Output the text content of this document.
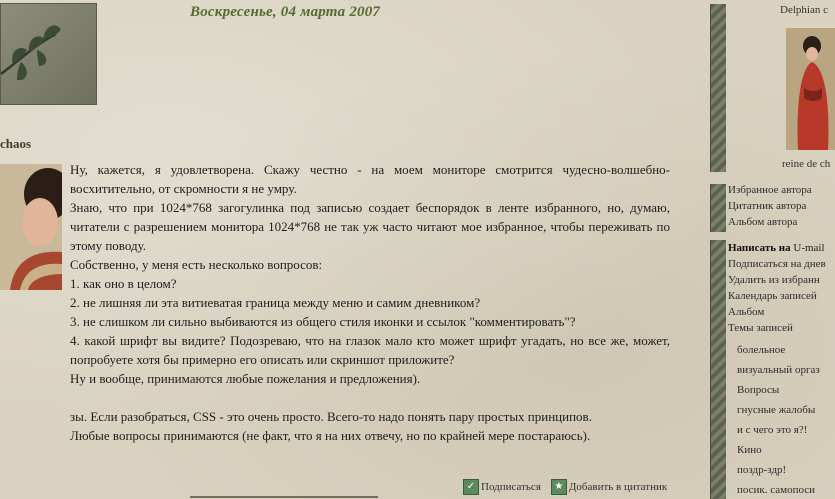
Воскресенье, 04 марта 2007
chaos

Ну, кажется, я удовлетворена. Скажу честно - на моем мониторе смотрится чудесно-волшебно-восхитительно, от скромности я не умру.

Знаю, что при 1024*768 загогулинка под записью создает беспорядок в ленте избранного, но, думаю, читатели с разрешением монитора 1024*768 не так уж часто читают мое избранное, чтобы переживать по этому поводу.

Собственно, у меня есть несколько вопросов:

1. как оно в целом?

2. не лишняя ли эта витиеватая граница между меню и самим дневником?

3. не слишком ли сильно выбиваются из общего стиля иконки и ссылок "комментировать"?

4. какой шрифт вы видите? Подозреваю, что на глазок мало кто может шрифт угадать, но все же, может, попробуете хотя бы примерно его описать или скриншот приложите?

Ну и вообще, принимаются любые пожелания и предложения).

зы. Если разобраться, CSS - это очень просто. Всего-то надо понять пару простых принципов.

Любые вопросы принимаются (не факт, что я на них отвечу, но по крайней мере постараюсь).

✓ Подписаться	★ Добавить в цитатник
Delphian c
reine de ch
Избранное автора
Цитатник автора
Альбом автора
Написать на U-mail
Подписаться на днев
Удалить из избранн
Календарь записей
Альбом
Темы записей
болельное
визуальный оргаз
Вопросы
гнусные жалобы
и с чего это я?!
Кино
поздр-здр!
посик. самопоси
